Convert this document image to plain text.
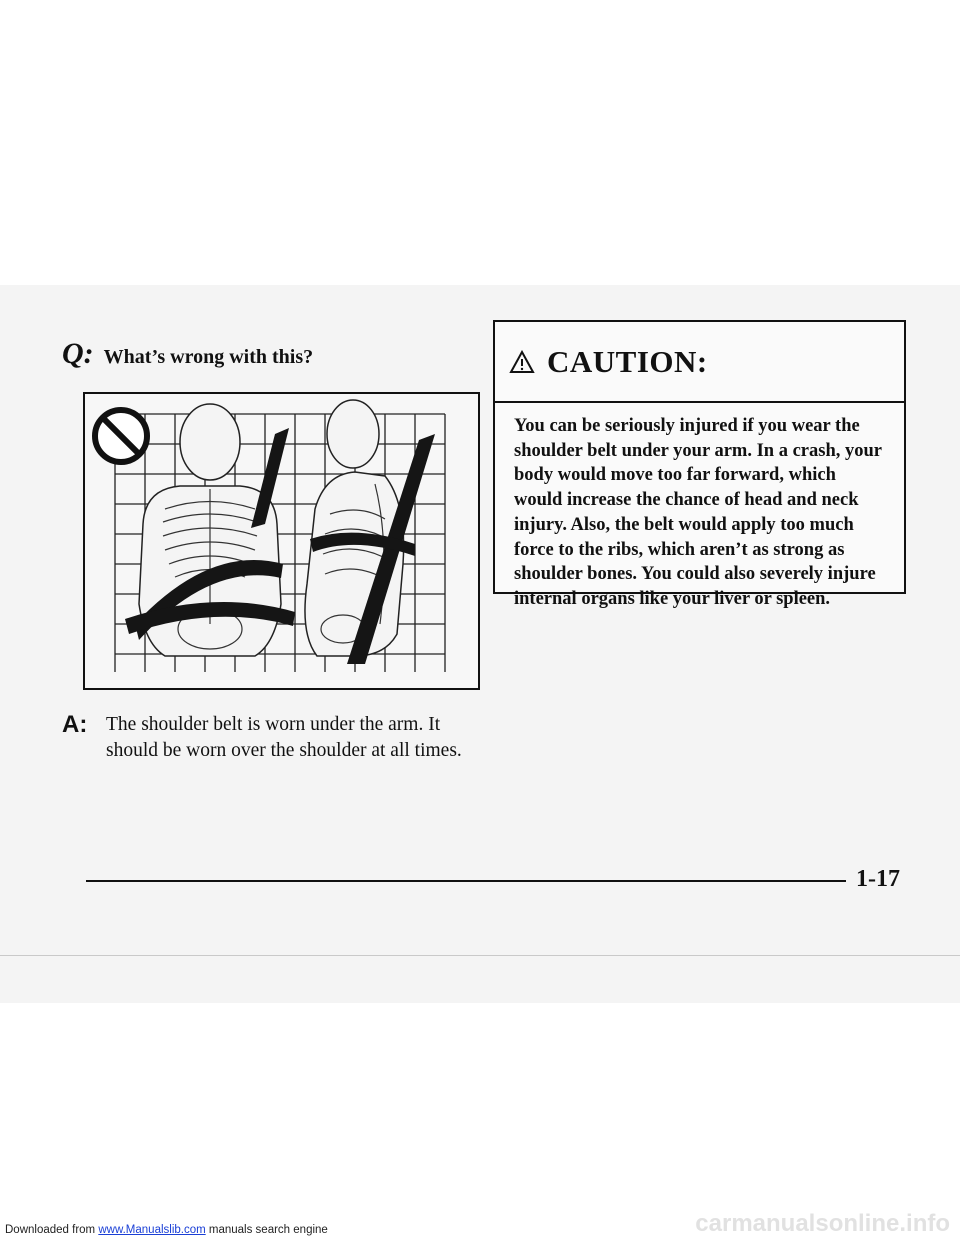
Q: What’s wrong with this?
A: The shoulder belt is worn under the arm. It should be worn over the shoulder at all times.
CAUTION:
You can be seriously injured if you wear the shoulder belt under your arm. In a crash, your body would move too far forward, which would increase the chance of head and neck injury. Also, the belt would apply too much force to the ribs, which aren’t as strong as shoulder bones. You could also severely injure internal organs like your liver or spleen.
1-17
Downloaded from www.Manualslib.com manuals search engine	carmanualsonline.info
